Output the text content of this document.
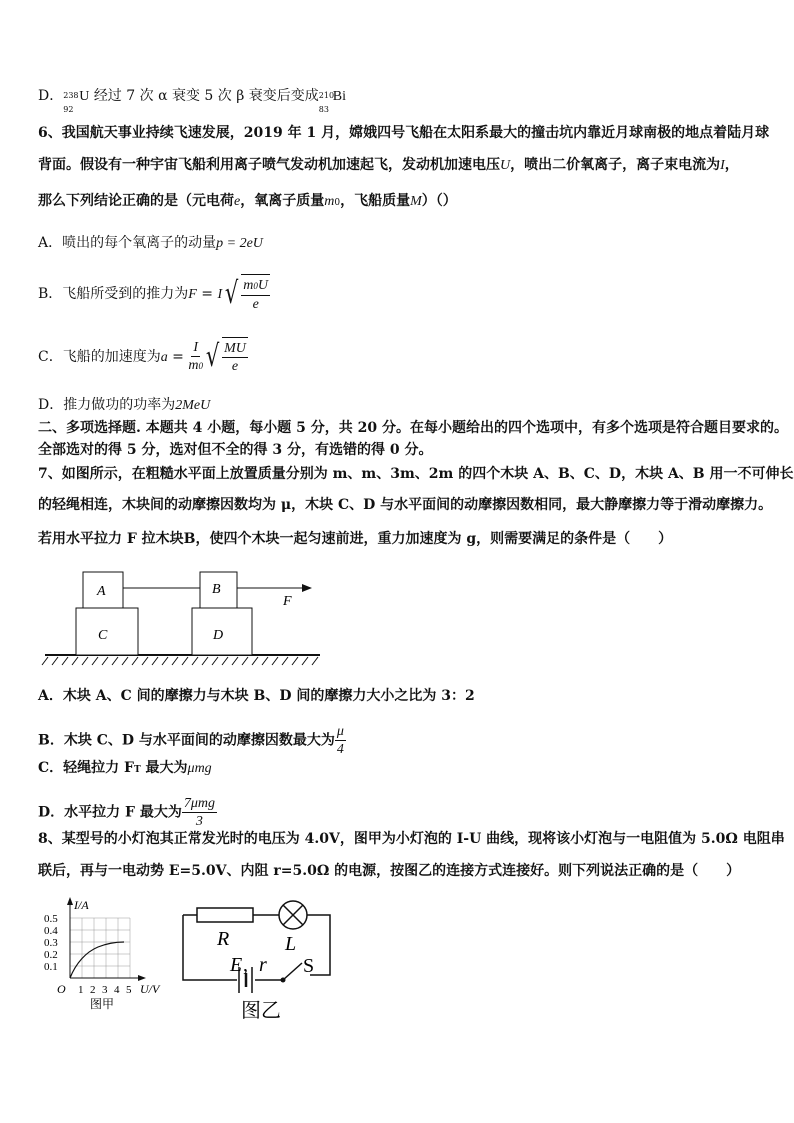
D． 238
92
U 经过 7 次 α 衰变 5 次 β 衰变后变成 210
83
Bi
6、我国航天事业持续飞速发展，2019 年 1 月，嫦娥四号飞船在太阳系最大的撞击坑内靠近月球南极的地点着陆月球
背面。假设有一种宇宙飞船利用离子喷气发动机加速起飞，发动机加速电压U，喷出二价氧离子，离子束电流为I，
那么下列结论正确的是（元电荷e，氧离子质量m0，飞船质量M）（）
A．喷出的每个氧离子的动量p = 2eU
B．飞船所受到的推力为F = I √ $\frac{m0U}{e}$
C．飞船的加速度为$a = \frac{I}{m0}$ √ $\frac{MU}{e}$
D．推力做功的功率为2MeU
二、多项选择题. 本题共 4 小题，每小题 5 分，共 20 分。在每小题给出的四个选项中，有多个选项是符合题目要求的。
全部选对的得 5 分，选对但不全的得 3 分，有选错的得 0 分。
7、如图所示，在粗糙水平面上放置质量分别为 m、m、3m、2m 的四个木块 A、B、C、D，木块 A、B 用一不可伸长
的轻绳相连，木块间的动摩擦因数均为 μ，木块 C、D 与水平面间的动摩擦因数相同，最大静摩擦力等于滑动摩擦力。
若用水平拉力 F 拉木块B，使四个木块一起匀速前进，重力加速度为 g，则需要满足的条件是（　　）
A	B
C	D
F
A．木块 A、C 间的摩擦力与木块 B、D 间的摩擦力大小之比为 3：2
B．木块 C、D 与水平面间的动摩擦因数最大为 $\frac{\mu}{4}$
C．轻绳拉力 FT 最大为μmg
D．水平拉力 F 最大为 $\frac{\text{7μmg}}{3}$
8、某型号的小灯泡其正常发光时的电压为 4.0V，图甲为小灯泡的 I-U 曲线，现将该小灯泡与一电阻值为 5.0Ω 电阻串
联后，再与一电动势 E=5.0V、内阻 r=5.0Ω 的电源，按图乙的连接方式连接好。则下列说法正确的是（　　）
I/A
0.5
0.4
0.3
0.2
0.1
O 1 2 3 4 5 U/V
图甲
R	L
E , r S
图乙
